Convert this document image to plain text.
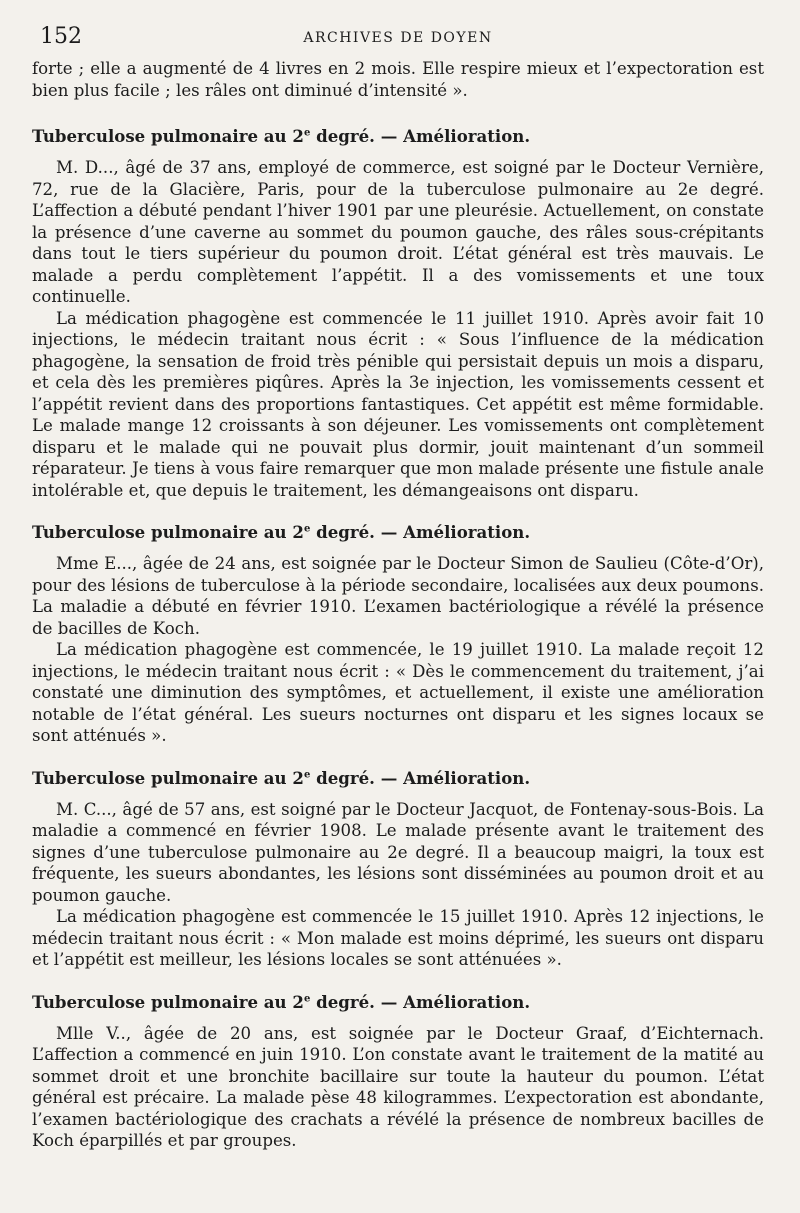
152	ARCHIVES DE DOYEN

forte ; elle a augmenté de 4 livres en 2 mois. Elle respire mieux et l’expectoration est bien plus facile ; les râles ont diminué d’intensité ».

Tuberculose pulmonaire au 2e degré. — Amélioration.

M. D..., âgé de 37 ans, employé de commerce, est soigné par le Docteur Vernière, 72, rue de la Glacière, Paris, pour de la tuberculose pulmonaire au 2e degré. L’affection a débuté pendant l’hiver 1901 par une pleurésie. Actuellement, on constate la présence d’une caverne au sommet du poumon gauche, des râles sous-crépitants dans tout le tiers supérieur du poumon droit. L’état général est très mauvais. Le malade a perdu complètement l’appétit. Il a des vomissements et une toux continuelle.

La médication phagogène est commencée le 11 juillet 1910. Après avoir fait 10 injections, le médecin traitant nous écrit : « Sous l’influence de la médication phagogène, la sensation de froid très pénible qui persistait depuis un mois a disparu, et cela dès les premières piqûres. Après la 3e injection, les vomissements cessent et l’appétit revient dans des proportions fantastiques. Cet appétit est même formidable. Le malade mange 12 croissants à son déjeuner. Les vomissements ont complètement disparu et le malade qui ne pouvait plus dormir, jouit maintenant d’un sommeil réparateur. Je tiens à vous faire remarquer que mon malade présente une fistule anale intolérable et, que depuis le traitement, les démangeaisons ont disparu.

Tuberculose pulmonaire au 2e degré. — Amélioration.

Mme E..., âgée de 24 ans, est soignée par le Docteur Simon de Saulieu (Côte-d’Or), pour des lésions de tuberculose à la période secondaire, localisées aux deux poumons. La maladie a débuté en février 1910. L’examen bactériologique a révélé la présence de bacilles de Koch.

La médication phagogène est commencée, le 19 juillet 1910. La malade reçoit 12 injections, le médecin traitant nous écrit : « Dès le commencement du traitement, j’ai constaté une diminution des symptômes, et actuellement, il existe une amélioration notable de l’état général. Les sueurs nocturnes ont disparu et les signes locaux se sont atténués ».

Tuberculose pulmonaire au 2e degré. — Amélioration.

M. C..., âgé de 57 ans, est soigné par le Docteur Jacquot, de Fontenay-sous-Bois. La maladie a commencé en février 1908. Le malade présente avant le traitement des signes d’une tuberculose pulmonaire au 2e degré. Il a beaucoup maigri, la toux est fréquente, les sueurs abondantes, les lésions sont disséminées au poumon droit et au poumon gauche.

La médication phagogène est commencée le 15 juillet 1910. Après 12 injections, le médecin traitant nous écrit : « Mon malade est moins déprimé, les sueurs ont disparu et l’appétit est meilleur, les lésions locales se sont atténuées ».

Tuberculose pulmonaire au 2e degré. — Amélioration.

Mlle V.., âgée de 20 ans, est soignée par le Docteur Graaf, d’Eichternach. L’affection a commencé en juin 1910. L’on constate avant le traitement de la matité au sommet droit et une bronchite bacillaire sur toute la hauteur du poumon. L’état général est précaire. La malade pèse 48 kilogrammes. L’expectoration est abondante, l’examen bactériologique des crachats a révélé la présence de nombreux bacilles de Koch éparpillés et par groupes.
